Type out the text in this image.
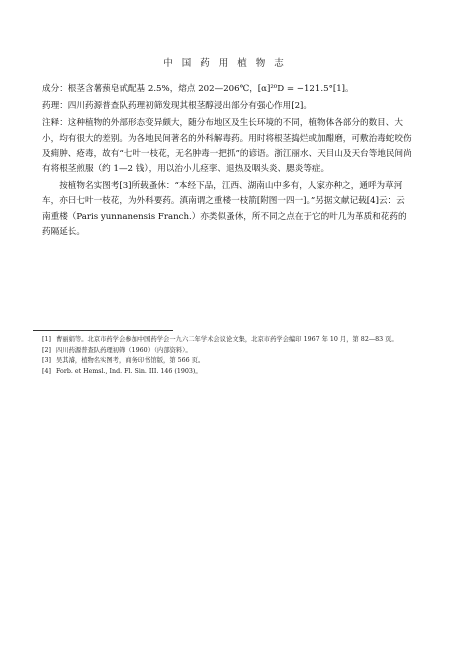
中 国 药 用 植 物 志

成分：根茎含薯蓣皂甙配基 2.5%，熔点 202—206℃，[α]²⁰D = −121.5°[1]。

药理：四川药源普查队药理初筛发现其根茎醇浸出部分有强心作用[2]。

注释：这种植物的外部形态变异颇大，随分布地区及生长环境的不同，植物体各部分的数目、大小，均有很大的差别。为各地民间著名的外科解毒药。用时将根茎捣烂或加醋磨，可敷治毒蛇咬伤及痈肿、疮毒，故有“七叶一枝花，无名肿毒一把抓”的谚语。浙江丽水、天目山及天台等地民间尚有将根茎煎服（约 1—2 钱），用以治小儿痉挛、退热及咽头炎、腮炎等症。

按植物名实图考[3]所载蚤休：“本经下品，江西、湖南山中多有，人家亦种之，通呼为草河车，亦曰七叶一枝花，为外科要药。滇南谓之重楼一枝箭[附图一四一]。”另据文献记载[4]云：云南重楼（Paris yunnanensis Franch.）亦类似蚤休，所不同之点在于它的叶几为革质和花药的药隔延长。

[1] 曹丽娟等。北京市药学会参加中国药学会一九六二年学术会议论文集，北京市药学会编印 1967 年 10 月，第 82—83 页。

[2] 四川药源普查队药理初筛（1960）（内部资料）。

[3] 吴其濬，植物名实图考，商务印书馆版，第 566 页。

[4] Forb. et Hemsl., Ind. Fl. Sin. III. 146 (1903)。
